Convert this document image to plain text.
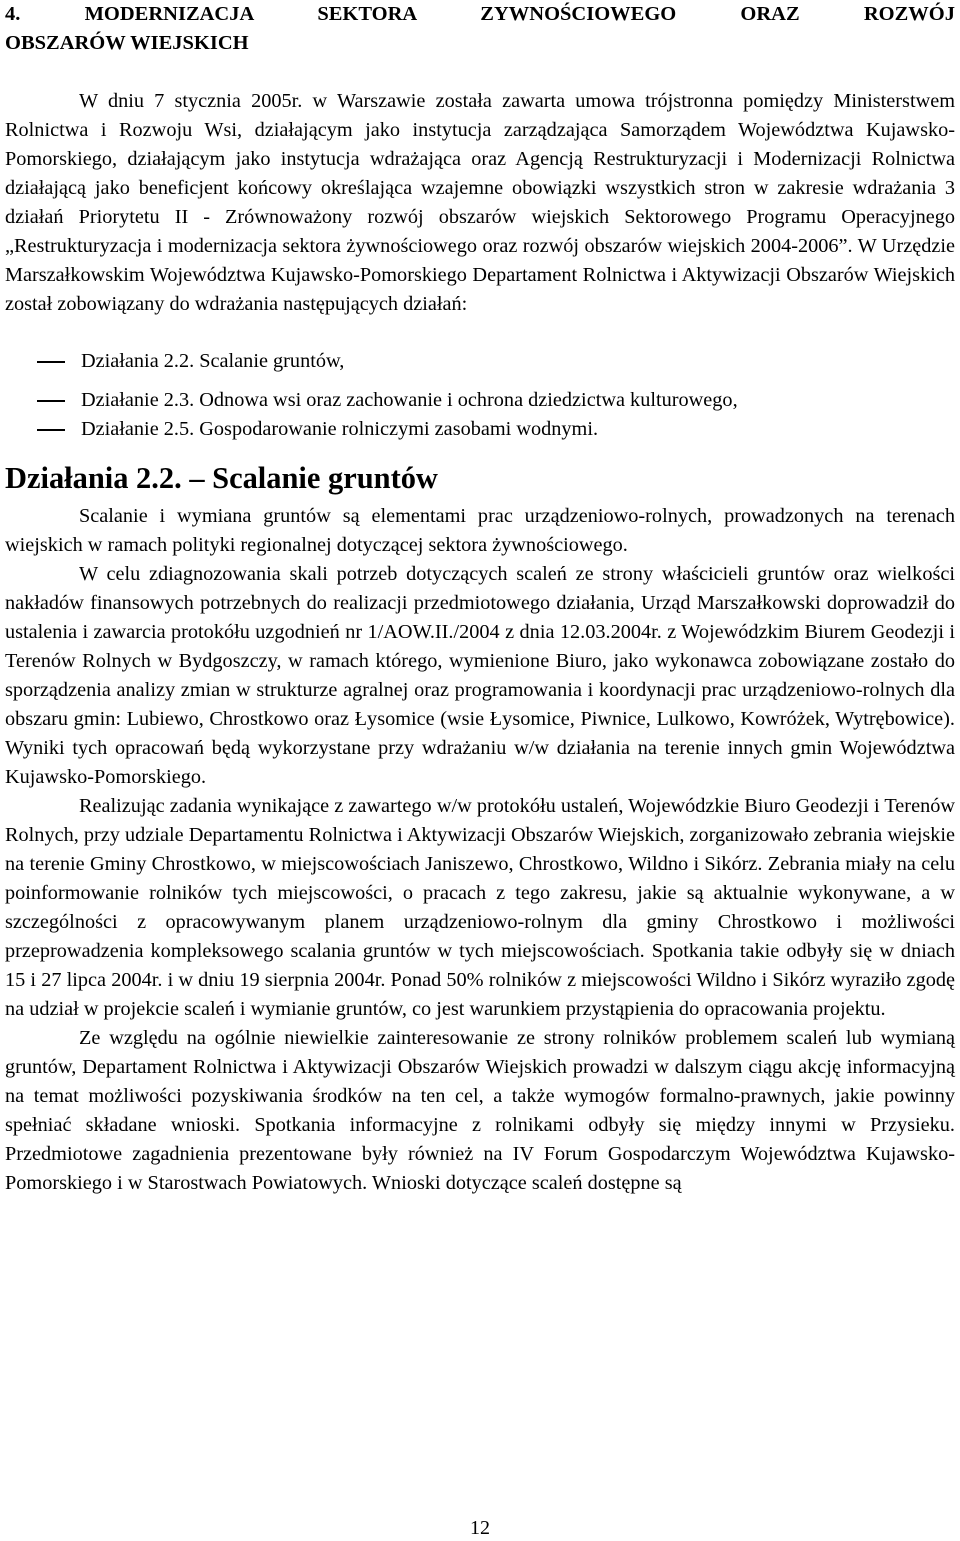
4. MODERNIZACJA SEKTORA ZYWNOŚCIOWEGO ORAZ ROZWÓJ
OBSZARÓW WIEJSKICH

W dniu 7 stycznia 2005r. w Warszawie została zawarta umowa trójstronna pomiędzy Ministerstwem Rolnictwa i Rozwoju Wsi, działającym jako instytucja zarządzająca Samorządem Województwa Kujawsko-Pomorskiego, działającym jako instytucja wdrażająca oraz Agencją Restrukturyzacji i Modernizacji Rolnictwa działającą jako beneficjent końcowy określająca wzajemne obowiązki wszystkich stron w zakresie wdrażania 3 działań Priorytetu II - Zrównoważony rozwój obszarów wiejskich Sektorowego Programu Operacyjnego „Restrukturyzacja i modernizacja sektora żywnościowego oraz rozwój obszarów wiejskich 2004-2006”. W Urzędzie Marszałkowskim Województwa Kujawsko-Pomorskiego Departament Rolnictwa i Aktywizacji Obszarów Wiejskich został zobowiązany do wdrażania następujących działań:

Działania 2.2. Scalanie gruntów,
Działanie 2.3. Odnowa wsi oraz zachowanie i ochrona dziedzictwa kulturowego,
Działanie 2.5. Gospodarowanie rolniczymi zasobami wodnymi.
Działania 2.2. – Scalanie gruntów

Scalanie i wymiana gruntów są elementami prac urządzeniowo-rolnych, prowadzonych na terenach wiejskich w ramach polityki regionalnej dotyczącej sektora żywnościowego.

W celu zdiagnozowania skali potrzeb dotyczących scaleń ze strony właścicieli gruntów oraz wielkości nakładów finansowych potrzebnych do realizacji przedmiotowego działania, Urząd Marszałkowski doprowadził do ustalenia i zawarcia protokółu uzgodnień nr 1/AOW.II./2004 z dnia 12.03.2004r. z Wojewódzkim Biurem Geodezji i Terenów Rolnych w Bydgoszczy, w ramach którego, wymienione Biuro, jako wykonawca zobowiązane zostało do sporządzenia analizy zmian w strukturze agralnej oraz programowania i koordynacji prac urządzeniowo-rolnych dla obszaru gmin: Lubiewo, Chrostkowo oraz Łysomice (wsie Łysomice, Piwnice, Lulkowo, Kowróżek, Wytrębowice). Wyniki tych opracowań będą wykorzystane przy wdrażaniu w/w działania na terenie innych gmin Województwa Kujawsko-Pomorskiego.

Realizując zadania wynikające z zawartego w/w protokółu ustaleń, Wojewódzkie Biuro Geodezji i Terenów Rolnych, przy udziale Departamentu Rolnictwa i Aktywizacji Obszarów Wiejskich, zorganizowało zebrania wiejskie na terenie Gminy Chrostkowo, w miejscowościach Janiszewo, Chrostkowo, Wildno i Sikórz. Zebrania miały na celu poinformowanie rolników tych miejscowości, o pracach z tego zakresu, jakie są aktualnie wykonywane, a w szczególności z opracowywanym planem urządzeniowo-rolnym dla gminy Chrostkowo i możliwości przeprowadzenia kompleksowego scalania gruntów w tych miejscowościach. Spotkania takie odbyły się w dniach 15 i 27 lipca 2004r. i w dniu 19 sierpnia 2004r. Ponad 50% rolników z miejscowości Wildno i Sikórz wyraziło zgodę na udział w projekcie scaleń i wymianie gruntów, co jest warunkiem przystąpienia do opracowania projektu.

Ze względu na ogólnie niewielkie zainteresowanie ze strony rolników problemem scaleń lub wymianą gruntów, Departament Rolnictwa i Aktywizacji Obszarów Wiejskich prowadzi w dalszym ciągu akcję informacyjną na temat możliwości pozyskiwania środków na ten cel, a także wymogów formalno-prawnych, jakie powinny spełniać składane wnioski. Spotkania informacyjne z rolnikami odbyły się między innymi w Przysieku. Przedmiotowe zagadnienia prezentowane były również na IV Forum Gospodarczym Województwa Kujawsko-Pomorskiego i w Starostwach Powiatowych. Wnioski dotyczące scaleń dostępne są

12
